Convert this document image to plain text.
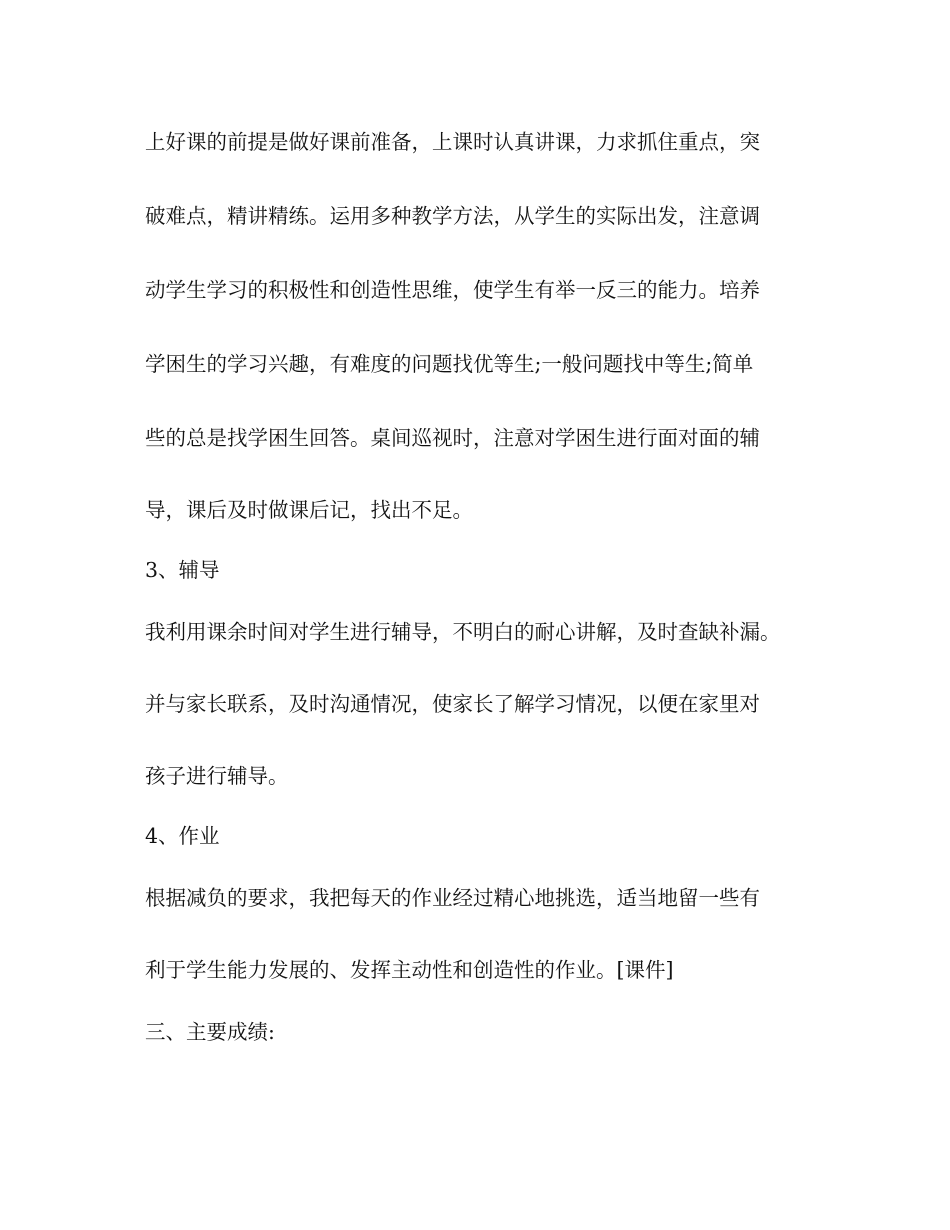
上好课的前提是做好课前准备，上课时认真讲课，力求抓住重点，突

破难点，精讲精练。运用多种教学方法，从学生的实际出发，注意调

动学生学习的积极性和创造性思维，使学生有举一反三的能力。培养

学困生的学习兴趣，有难度的问题找优等生;一般问题找中等生;简单

些的总是找学困生回答。桌间巡视时，注意对学困生进行面对面的辅

导，课后及时做课后记，找出不足。

3、辅导

我利用课余时间对学生进行辅导，不明白的耐心讲解，及时查缺补漏。

并与家长联系，及时沟通情况，使家长了解学习情况，以便在家里对

孩子进行辅导。

4、作业

根据减负的要求，我把每天的作业经过精心地挑选，适当地留一些有

利于学生能力发展的、发挥主动性和创造性的作业。[课件]

三、主要成绩:
